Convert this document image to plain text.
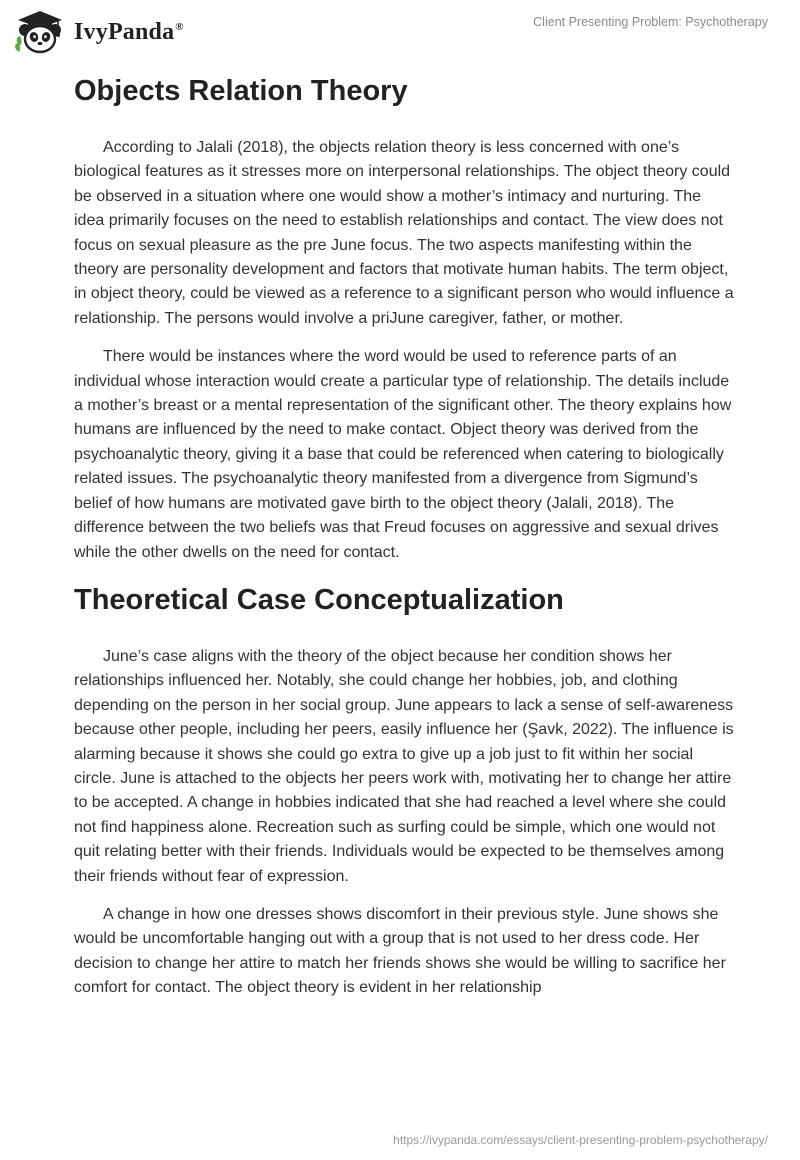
IvyPanda®	Client Presenting Problem: Psychotherapy
Objects Relation Theory

According to Jalali (2018), the objects relation theory is less concerned with one’s biological features as it stresses more on interpersonal relationships. The object theory could be observed in a situation where one would show a mother’s intimacy and nurturing. The idea primarily focuses on the need to establish relationships and contact. The view does not focus on sexual pleasure as the pre June focus. The two aspects manifesting within the theory are personality development and factors that motivate human habits. The term object, in object theory, could be viewed as a reference to a significant person who would influence a relationship. The persons would involve a priJune caregiver, father, or mother.

There would be instances where the word would be used to reference parts of an individual whose interaction would create a particular type of relationship. The details include a mother’s breast or a mental representation of the significant other. The theory explains how humans are influenced by the need to make contact. Object theory was derived from the psychoanalytic theory, giving it a base that could be referenced when catering to biologically related issues. The psychoanalytic theory manifested from a divergence from Sigmund’s belief of how humans are motivated gave birth to the object theory (Jalali, 2018). The difference between the two beliefs was that Freud focuses on aggressive and sexual drives while the other dwells on the need for contact.

Theoretical Case Conceptualization

June’s case aligns with the theory of the object because her condition shows her relationships influenced her. Notably, she could change her hobbies, job, and clothing depending on the person in her social group. June appears to lack a sense of self-awareness because other people, including her peers, easily influence her (Şavk, 2022). The influence is alarming because it shows she could go extra to give up a job just to fit within her social circle. June is attached to the objects her peers work with, motivating her to change her attire to be accepted. A change in hobbies indicated that she had reached a level where she could not find happiness alone. Recreation such as surfing could be simple, which one would not quit relating better with their friends. Individuals would be expected to be themselves among their friends without fear of expression.

A change in how one dresses shows discomfort in their previous style. June shows she would be uncomfortable hanging out with a group that is not used to her dress code. Her decision to change her attire to match her friends shows she would be willing to sacrifice her comfort for contact. The object theory is evident in her relationship

https://ivypanda.com/essays/client-presenting-problem-psychotherapy/
